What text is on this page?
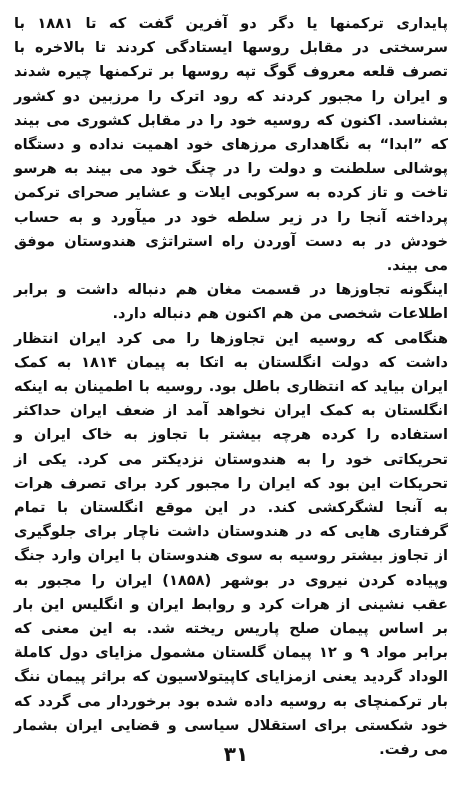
پایداری ترکمنها یا دگر دو آفرین گفت که تا ۱۸۸۱ با سرسختی در مقابل روسها ایستادگی کردند تا بالاخره با تصرف قلعه معروف گوگ تپه روسها بر ترکمنها چیره شدند و ایران را مجبور کردند که رود اترک را مرزبین دو کشور بشناسد. اکنون که روسیه خود را در مقابل کشوری می بیند که ”ابدا“ به نگاهداری مرزهای خود اهمیت نداده و دستگاه پوشالی سلطنت و دولت را در چنگ خود می بیند به هرسو تاخت و تاز کرده به سرکوبی ایلات و عشایر صحرای ترکمن پرداخته آنجا را در زیر سلطه خود در میآورد و به حساب خودش در به دست آوردن راه استراتژی هندوستان موفق می بیند.

اینگونه تجاوزها در قسمت مغان هم دنباله داشت و برابر اطلاعات شخصی من هم اکنون هم دنباله دارد.

هنگامی که روسیه این تجاوزها را می کرد ایران انتظار داشت که دولت انگلستان به اتکا به پیمان ۱۸۱۴ به کمک ایران بیاید که انتظاری باطل بود. روسیه با اطمینان به اینکه انگلستان به کمک ایران نخواهد آمد از ضعف ایران حداکثر استفاده را کرده هرچه بیشتر با تجاوز به خاک ایران و تحریکاتی خود را به هندوستان نزدیکتر می کرد. یکی از تحریکات این بود که ایران را مجبور کرد برای تصرف هرات به آنجا لشگرکشی کند. در این موقع انگلستان با تمام گرفتاری هایی که در هندوستان داشت ناچار برای جلوگیری از تجاوز بیشتر روسیه به سوی هندوستان با ایران وارد جنگ وپیاده کردن نیروی در بوشهر (۱۸۵۸) ایران را مجبور به عقب نشینی از هرات کرد و روابط ایران و انگلیس این بار بر اساس پیمان صلح پاریس ریخته شد. به این معنی که برابر مواد ۹ و ۱۲ پیمان گلستان مشمول مزایای دول کاملة الوداد گردید یعنی ازمزایای کاپیتولاسیون که براثر پیمان ننگ بار ترکمنچای به روسیه داده شده بود برخوردار می گردد که خود شکستی برای استقلال سیاسی و قضایی ایران بشمار می رفت.

۳۱
